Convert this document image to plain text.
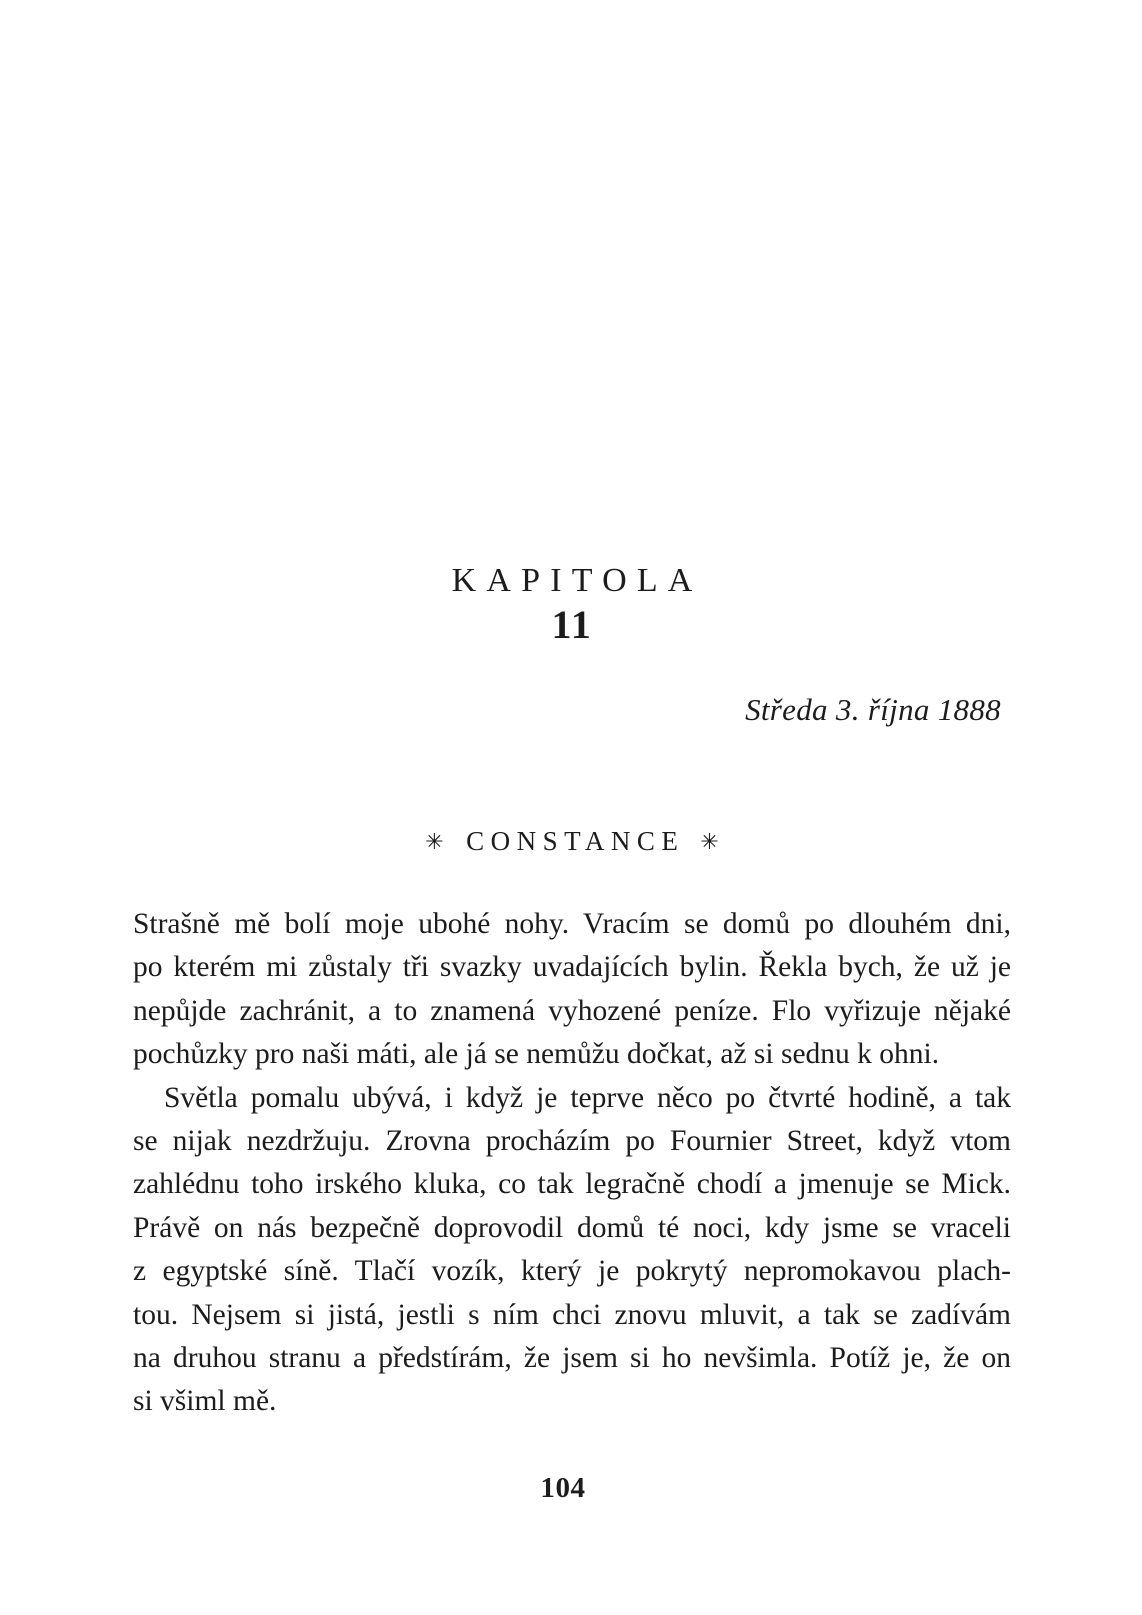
KAPITOLA
11
Středa 3. října 1888
✳ CONSTANCE ✳
Strašně mě bolí moje ubohé nohy. Vracím se domů po dlouhém dni,
po kterém mi zůstaly tři svazky uvadajících bylin. Řekla bych, že už je
nepůjde zachránit, a to znamená vyhozené peníze. Flo vyřizuje nějaké
pochůzky pro naši máti, ale já se nemůžu dočkat, až si sednu k ohni.
Světla pomalu ubývá, i když je teprve něco po čtvrté hodině, a tak
se nijak nezdržuju. Zrovna procházím po Fournier Street, když vtom
zahlédnu toho irského kluka, co tak legračně chodí a jmenuje se Mick.
Právě on nás bezpečně doprovodil domů té noci, kdy jsme se vraceli
z egyptské síně. Tlačí vozík, který je pokrytý nepromokavou plach-
tou. Nejsem si jistá, jestli s ním chci znovu mluvit, a tak se zadívám
na druhou stranu a předstírám, že jsem si ho nevšimla. Potíž je, že on
si všiml mě.
104
